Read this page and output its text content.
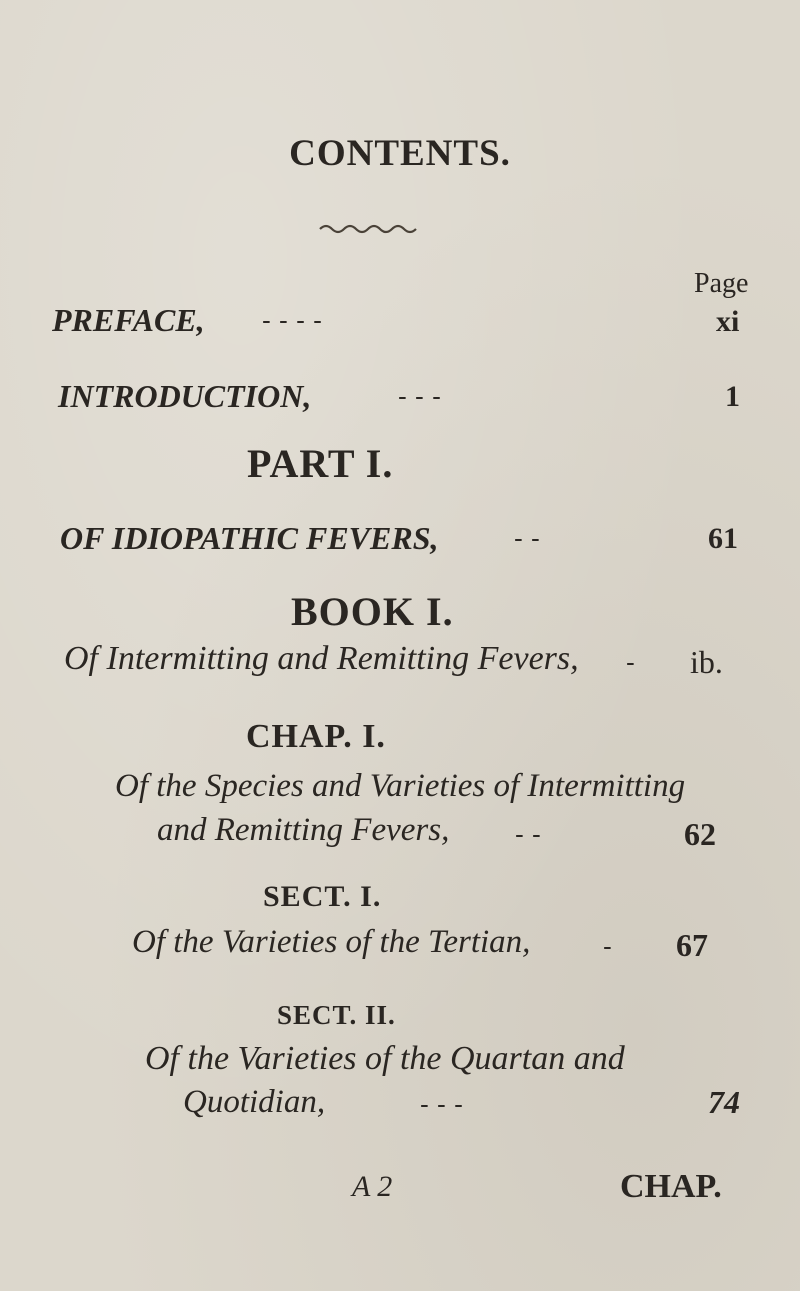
CONTENTS.
Page
PREFACE, - - - -	xi
INTRODUCTION,	- - -	1
PART I.
OF IDIOPATHIC FEVERS,	- -	61
BOOK I.
Of Intermitting and Remitting Fevers, - ib.
CHAP. I.
Of the Species and Varieties of Intermitting
and Remitting Fevers,	- -	62
SECT. I.
Of the Varieties of the Tertian,	- 67
SECT. II.
Of the Varieties of the Quartan and
Quotidian,	- - -	74
A 2	CHAP.
